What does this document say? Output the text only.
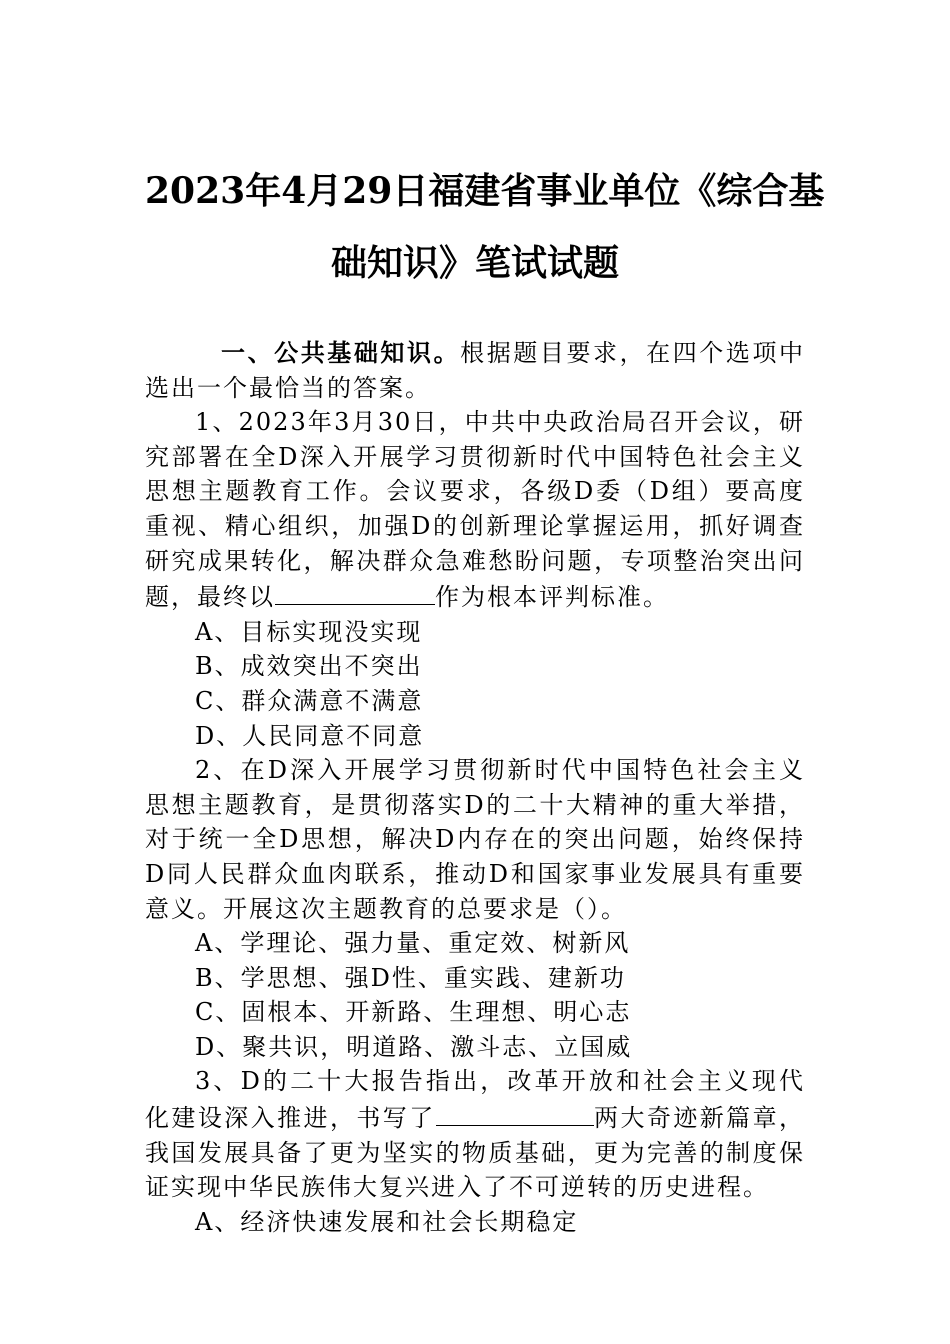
2023年4月29日福建省事业单位《综合基
础知识》笔试试题

一、公共基础知识。根据题目要求，在四个选项中选出一个最恰当的答案。

1、2023年3月30日，中共中央政治局召开会议，研究部署在全D深入开展学习贯彻新时代中国特色社会主义思想主题教育工作。会议要求，各级D委（D组）要高度重视、精心组织，加强D的创新理论掌握运用，抓好调查研究成果转化，解决群众急难愁盼问题，专项整治突出问题，最终以	作为根本评判标准。

A、目标实现没实现

B、成效突出不突出

C、群众满意不满意

D、人民同意不同意

2、在D深入开展学习贯彻新时代中国特色社会主义思想主题教育，是贯彻落实D的二十大精神的重大举措，对于统一全D思想，解决D内存在的突出问题，始终保持D同人民群众血肉联系，推动D和国家事业发展具有重要意义。开展这次主题教育的总要求是（）。

A、学理论、强力量、重定效、树新风

B、学思想、强D性、重实践、建新功

C、固根本、开新路、生理想、明心志

D、聚共识，明道路、激斗志、立国威

3、D的二十大报告指出，改革开放和社会主义现代化建设深入推进，书写了	两大奇迹新篇章，我国发展具备了更为坚实的物质基础，更为完善的制度保证实现中华民族伟大复兴进入了不可逆转的历史进程。

A、经济快速发展和社会长期稳定
